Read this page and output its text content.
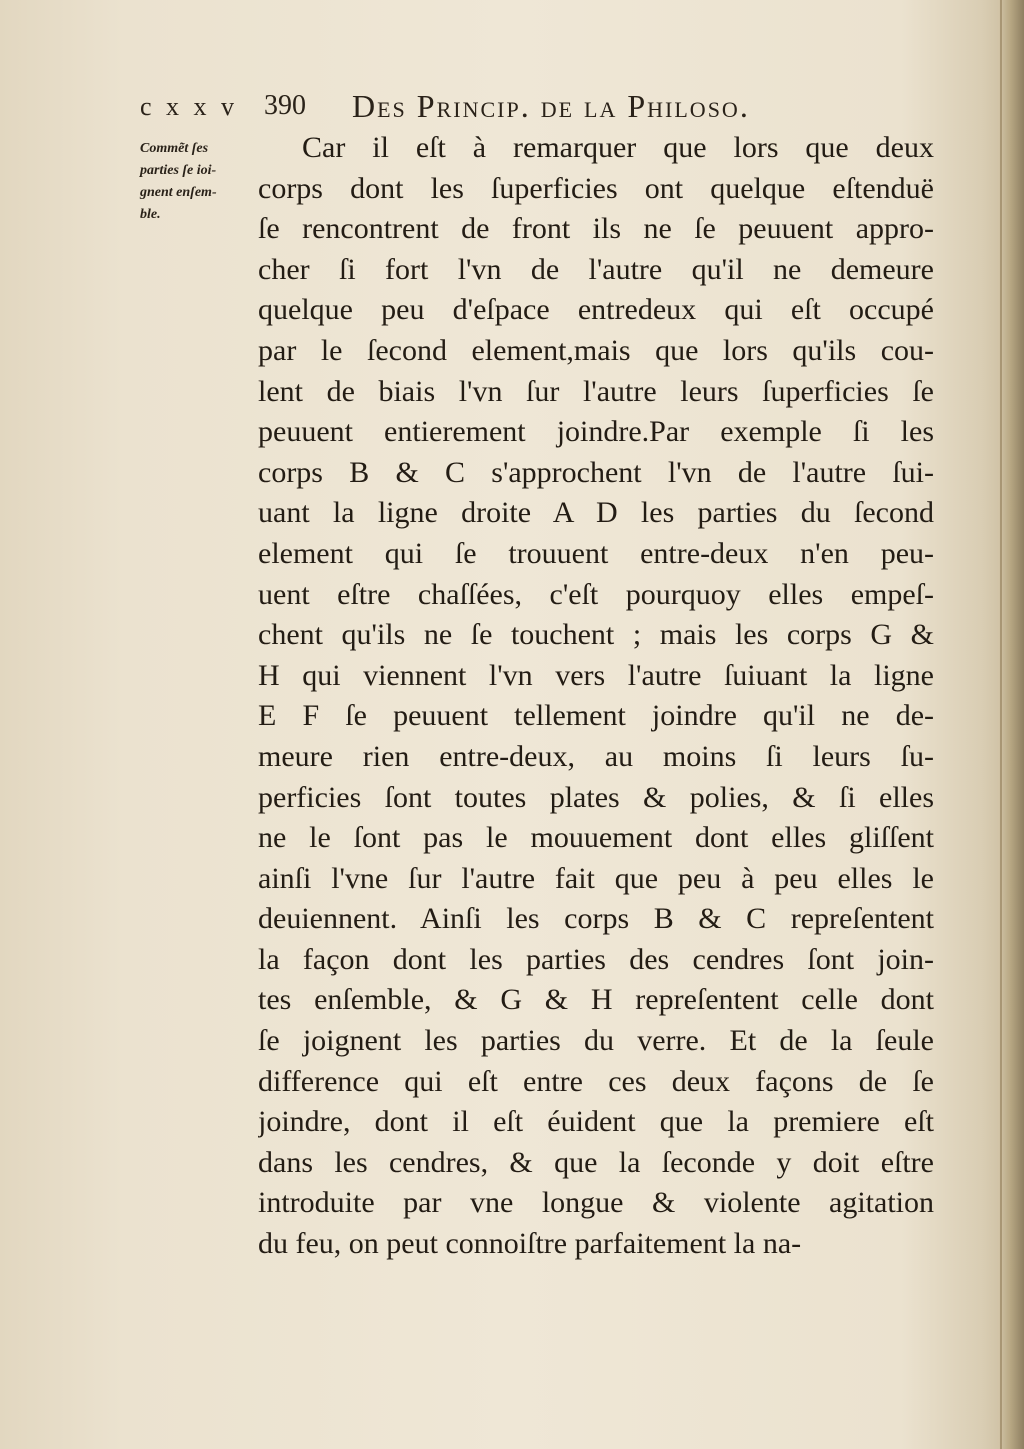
c x x v 390 Des Princip. de la Philoso.
Commẽt ſes
parties ſe ioi-
gnent enſem-
ble.
Car il eſt à remarquer que lors que deux
corps dont les ſuperficies ont quelque eſtenduë
ſe rencontrent de front ils ne ſe peuuent appro-
cher ſi fort l'vn de l'autre qu'il ne demeure
quelque peu d'eſpace entredeux qui eſt occupé
par le ſecond element,mais que lors qu'ils cou-
lent de biais l'vn ſur l'autre leurs ſuperficies ſe
peuuent entierement joindre.Par exemple ſi les
corps B & C s'approchent l'vn de l'autre ſui-
uant la ligne droite A D les parties du ſecond
element qui ſe trouuent entre-deux n'en peu-
uent eſtre chaſſées, c'eſt pourquoy elles empeſ-
chent qu'ils ne ſe touchent ; mais les corps G &
H qui viennent l'vn vers l'autre ſuiuant la ligne
E F ſe peuuent tellement joindre qu'il ne de-
meure rien entre-deux, au moins ſi leurs ſu-
perficies ſont toutes plates & polies, & ſi elles
ne le ſont pas le mouuement dont elles gliſſent
ainſi l'vne ſur l'autre fait que peu à peu elles le
deuiennent. Ainſi les corps B & C repreſentent
la façon dont les parties des cendres ſont join-
tes enſemble, & G & H repreſentent celle dont
ſe joignent les parties du verre. Et de la ſeule
difference qui eſt entre ces deux façons de ſe
joindre, dont il eſt éuident que la premiere eſt
dans les cendres, & que la ſeconde y doit eſtre
introduite par vne longue & violente agitation
du feu, on peut connoiſtre parfaitement la na-
